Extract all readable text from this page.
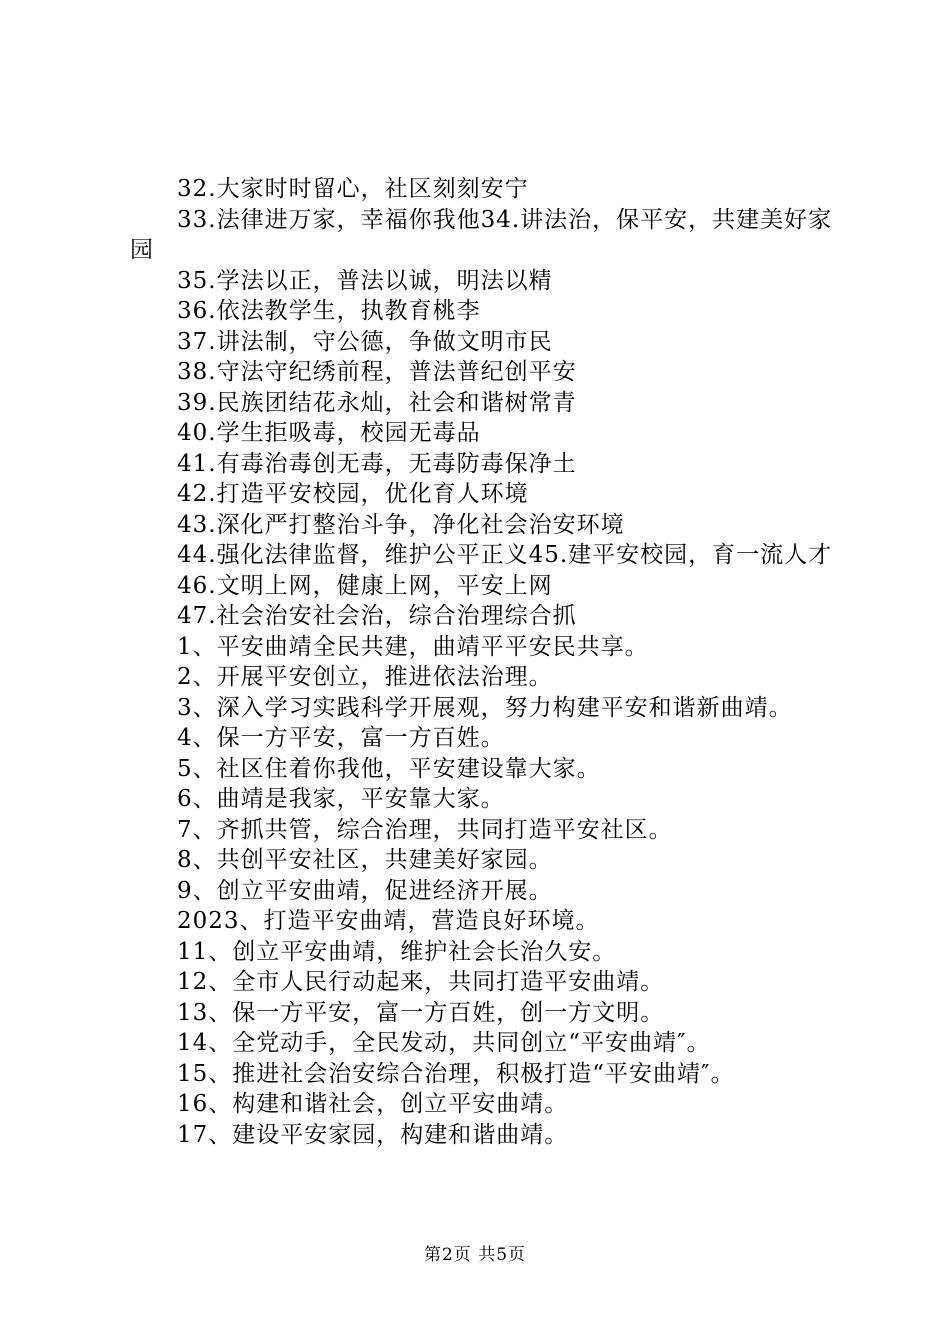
32.大家时时留心，社区刻刻安宁
33.法律进万家，幸福你我他34.讲法治，保平安，共建美好家园
35.学法以正，普法以诚，明法以精
36.依法教学生，执教育桃李
37.讲法制，守公德，争做文明市民
38.守法守纪绣前程，普法普纪创平安
39.民族团结花永灿，社会和谐树常青
40.学生拒吸毒，校园无毒品
41.有毒治毒创无毒，无毒防毒保净土
42.打造平安校园，优化育人环境
43.深化严打整治斗争，净化社会治安环境
44.强化法律监督，维护公平正义45.建平安校园，育一流人才
46.文明上网，健康上网，平安上网
47.社会治安社会治，综合治理综合抓
1、平安曲靖全民共建，曲靖平平安民共享。
2、开展平安创立，推进依法治理。
3、深入学习实践科学开展观，努力构建平安和谐新曲靖。
4、保一方平安，富一方百姓。
5、社区住着你我他，平安建设靠大家。
6、曲靖是我家，平安靠大家。
7、齐抓共管，综合治理，共同打造平安社区。
8、共创平安社区，共建美好家园。
9、创立平安曲靖，促进经济开展。
2023、打造平安曲靖，营造良好环境。
11、创立平安曲靖，维护社会长治久安。
12、全市人民行动起来，共同打造平安曲靖。
13、保一方平安，富一方百姓，创一方文明。
14、全党动手，全民发动，共同创立“平安曲靖″。
15、推进社会治安综合治理，积极打造“平安曲靖″。
16、构建和谐社会，创立平安曲靖。
17、建设平安家园，构建和谐曲靖。
第2页 共5页
